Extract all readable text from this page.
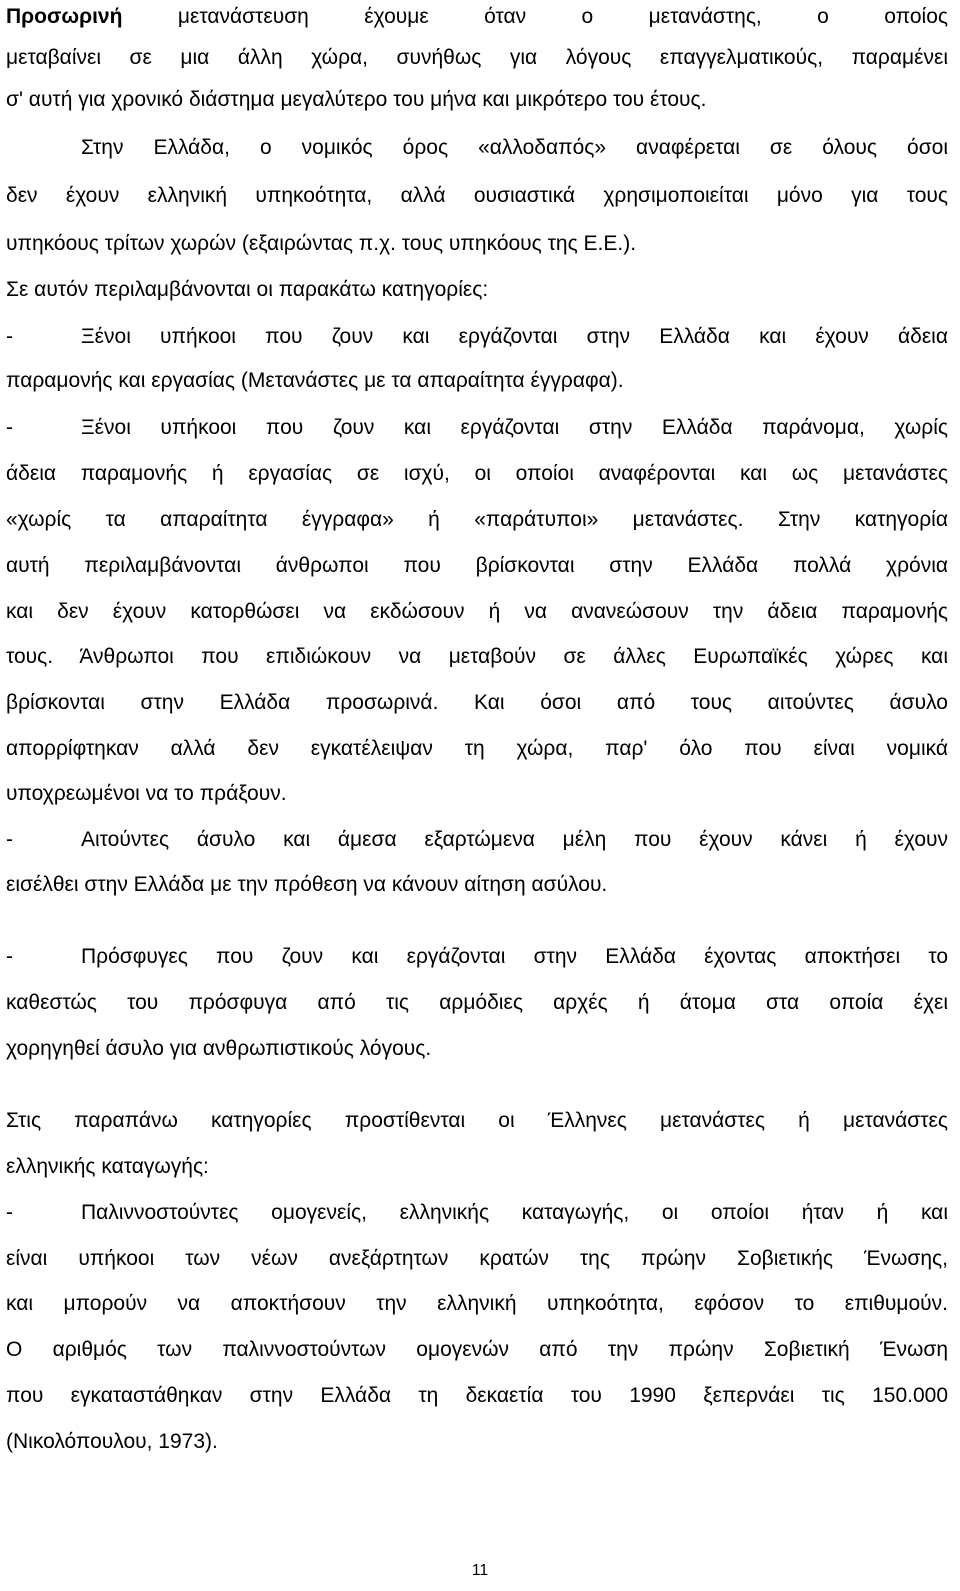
Προσωρινή	μετανάστευση έχουμε όταν ο μετανάστης, ο οποίος
μεταβαίνει σε μια άλλη χώρα, συνήθως για λόγους επαγγελματικούς, παραμένει
σ' αυτή για χρονικό διάστημα μεγαλύτερο του μήνα και μικρότερο του έτους.
Στην Ελλάδα, ο νομικός όρος «αλλοδαπός» αναφέρεται σε όλους όσοι
δεν έχουν ελληνική υπηκοότητα, αλλά ουσιαστικά χρησιμοποιείται μόνο για τους
υπηκόους τρίτων χωρών (εξαιρώντας π.χ. τους υπηκόους της Ε.Ε.).
Σε αυτόν περιλαμβάνονται οι παρακάτω κατηγορίες:
-	Ξένοι υπήκοοι που ζουν και εργάζονται στην Ελλάδα και έχουν άδεια
παραμονής και εργασίας (Μετανάστες με τα απαραίτητα έγγραφα).
-	Ξένοι υπήκοοι που ζουν και εργάζονται στην Ελλάδα παράνομα, χωρίς
άδεια παραμονής ή εργασίας σε ισχύ, οι οποίοι αναφέρονται και ως μετανάστες
«χωρίς τα απαραίτητα έγγραφα» ή «παράτυποι» μετανάστες. Στην κατηγορία
αυτή περιλαμβάνονται άνθρωποι που βρίσκονται στην Ελλάδα πολλά χρόνια
και δεν έχουν κατορθώσει να εκδώσουν ή να ανανεώσουν την άδεια παραμονής
τους. Άνθρωποι που επιδιώκουν να μεταβούν σε άλλες Ευρωπαϊκές χώρες και
βρίσκονται στην Ελλάδα προσωρινά. Και όσοι από τους αιτούντες άσυλο
απορρίφτηκαν αλλά δεν εγκατέλειψαν τη χώρα, παρ' όλο που είναι νομικά
υποχρεωμένοι να το πράξουν.
-	Αιτούντες άσυλο και άμεσα εξαρτώμενα μέλη που έχουν κάνει ή έχουν
εισέλθει στην Ελλάδα με την πρόθεση να κάνουν αίτηση ασύλου.
-	Πρόσφυγες που ζουν και εργάζονται στην Ελλάδα έχοντας αποκτήσει το
καθεστώς του πρόσφυγα από τις αρμόδιες αρχές ή άτομα στα οποία έχει
χορηγηθεί άσυλο για ανθρωπιστικούς λόγους.
Στις παραπάνω κατηγορίες προστίθενται οι Έλληνες μετανάστες ή μετανάστες
ελληνικής καταγωγής:
-	Παλιννοστούντες ομογενείς, ελληνικής καταγωγής, οι οποίοι ήταν ή και
είναι υπήκοοι των νέων ανεξάρτητων κρατών της πρώην Σοβιετικής Ένωσης,
και μπορούν να αποκτήσουν την ελληνική υπηκοότητα, εφόσον το επιθυμούν.
Ο αριθμός των παλιννοστούντων ομογενών από την πρώην Σοβιετική Ένωση
που εγκαταστάθηκαν στην Ελλάδα τη δεκαετία του 1990 ξεπερνάει τις 150.000
(Νικολόπουλου, 1973).
11
